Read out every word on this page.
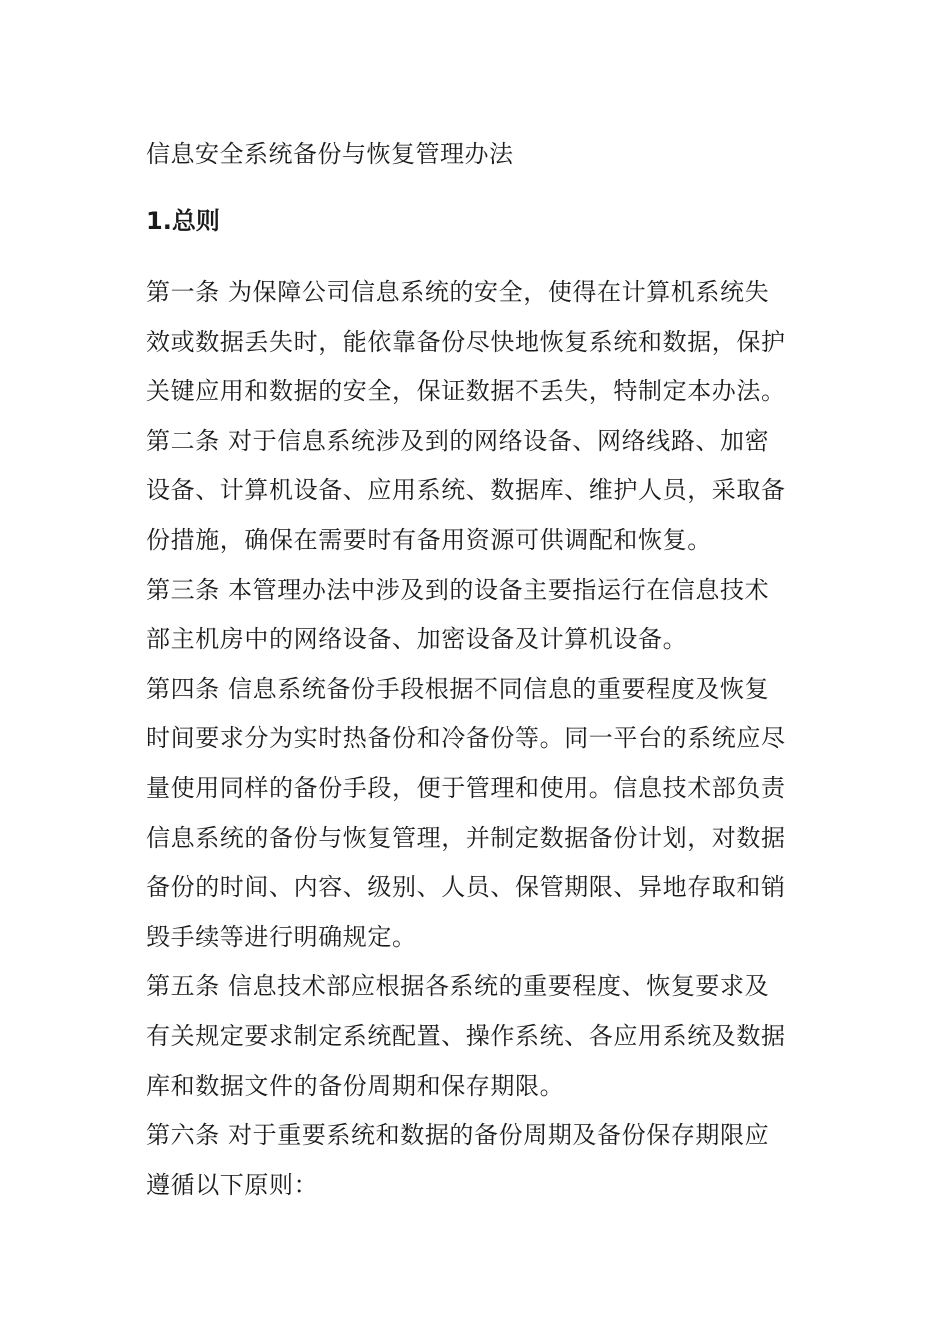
信息安全系统备份与恢复管理办法
1.总则
第一条 为保障公司信息系统的安全，使得在计算机系统失
效或数据丢失时，能依靠备份尽快地恢复系统和数据，保护
关键应用和数据的安全，保证数据不丢失，特制定本办法。
第二条 对于信息系统涉及到的网络设备、网络线路、加密
设备、计算机设备、应用系统、数据库、维护人员，采取备
份措施，确保在需要时有备用资源可供调配和恢复。
第三条 本管理办法中涉及到的设备主要指运行在信息技术
部主机房中的网络设备、加密设备及计算机设备。
第四条 信息系统备份手段根据不同信息的重要程度及恢复
时间要求分为实时热备份和冷备份等。同一平台的系统应尽
量使用同样的备份手段，便于管理和使用。信息技术部负责
信息系统的备份与恢复管理，并制定数据备份计划，对数据
备份的时间、内容、级别、人员、保管期限、异地存取和销
毁手续等进行明确规定。
第五条 信息技术部应根据各系统的重要程度、恢复要求及
有关规定要求制定系统配置、操作系统、各应用系统及数据
库和数据文件的备份周期和保存期限。
第六条 对于重要系统和数据的备份周期及备份保存期限应
遵循以下原则：
